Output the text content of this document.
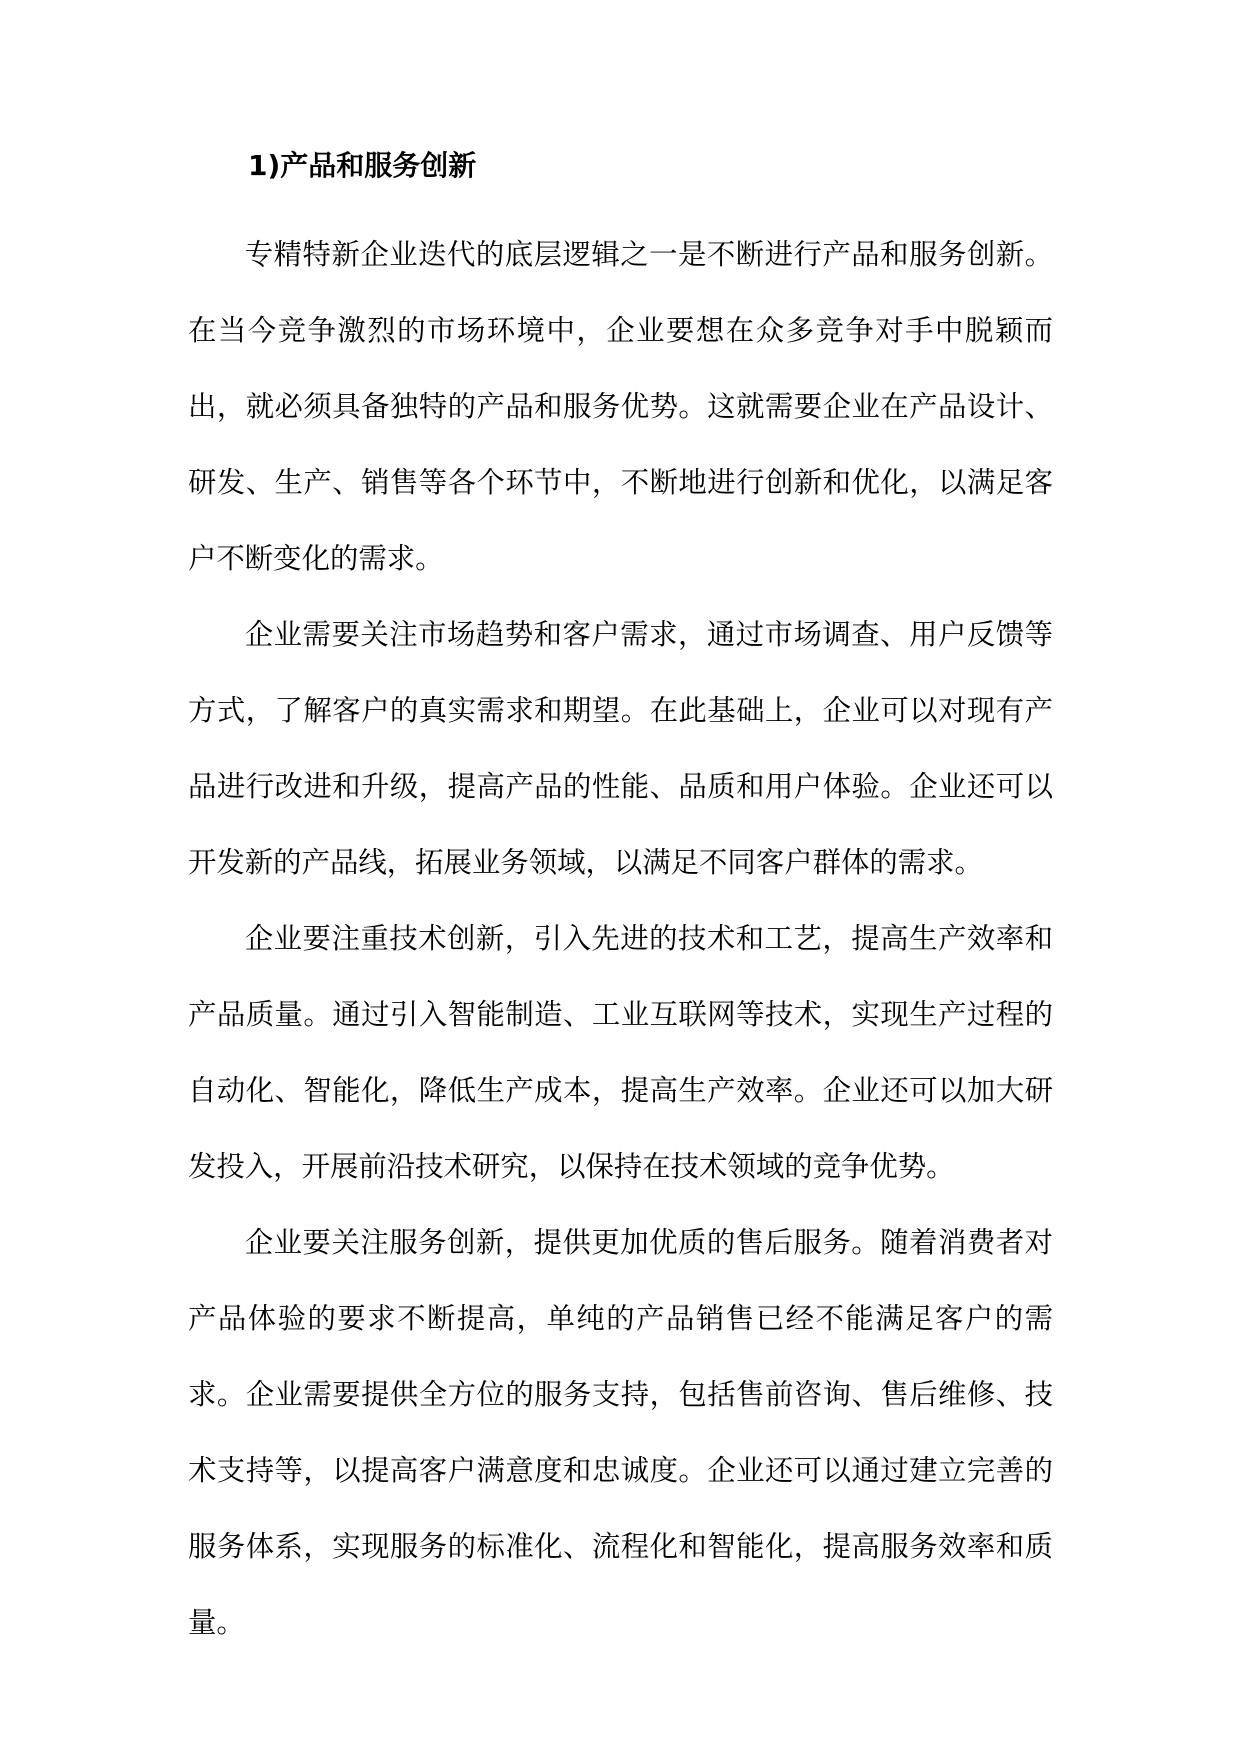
1)产品和服务创新

专精特新企业迭代的底层逻辑之一是不断进行产品和服务创新。在当今竞争激烈的市场环境中，企业要想在众多竞争对手中脱颖而出，就必须具备独特的产品和服务优势。这就需要企业在产品设计、研发、生产、销售等各个环节中，不断地进行创新和优化，以满足客户不断变化的需求。

企业需要关注市场趋势和客户需求，通过市场调查、用户反馈等方式，了解客户的真实需求和期望。在此基础上，企业可以对现有产品进行改进和升级，提高产品的性能、品质和用户体验。企业还可以开发新的产品线，拓展业务领域，以满足不同客户群体的需求。

企业要注重技术创新，引入先进的技术和工艺，提高生产效率和产品质量。通过引入智能制造、工业互联网等技术，实现生产过程的自动化、智能化，降低生产成本，提高生产效率。企业还可以加大研发投入，开展前沿技术研究，以保持在技术领域的竞争优势。

企业要关注服务创新，提供更加优质的售后服务。随着消费者对产品体验的要求不断提高，单纯的产品销售已经不能满足客户的需求。企业需要提供全方位的服务支持，包括售前咨询、售后维修、技术支持等，以提高客户满意度和忠诚度。企业还可以通过建立完善的服务体系，实现服务的标准化、流程化和智能化，提高服务效率和质量。
